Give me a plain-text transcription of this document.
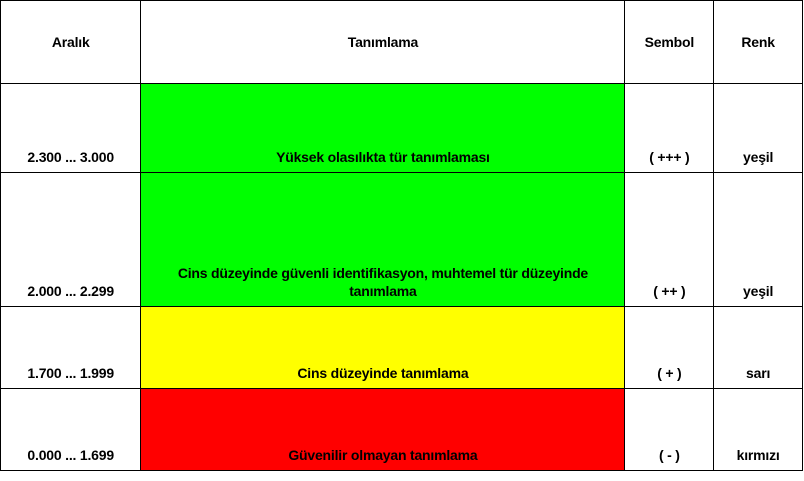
Aralık	Tanımlama	Sembol	Renk
2.300 ... 3.000	Yüksek olasılıkta tür tanımlaması	( +++ )	yeşil
2.000 ... 2.299	Cins düzeyinde güvenli identifikasyon, muhtemel tür düzeyinde tanımlama	( ++ )	yeşil
1.700 ... 1.999	Cins düzeyinde tanımlama	( + )	sarı
0.000 ... 1.699	Güvenilir olmayan tanımlama	( - )	kırmızı
